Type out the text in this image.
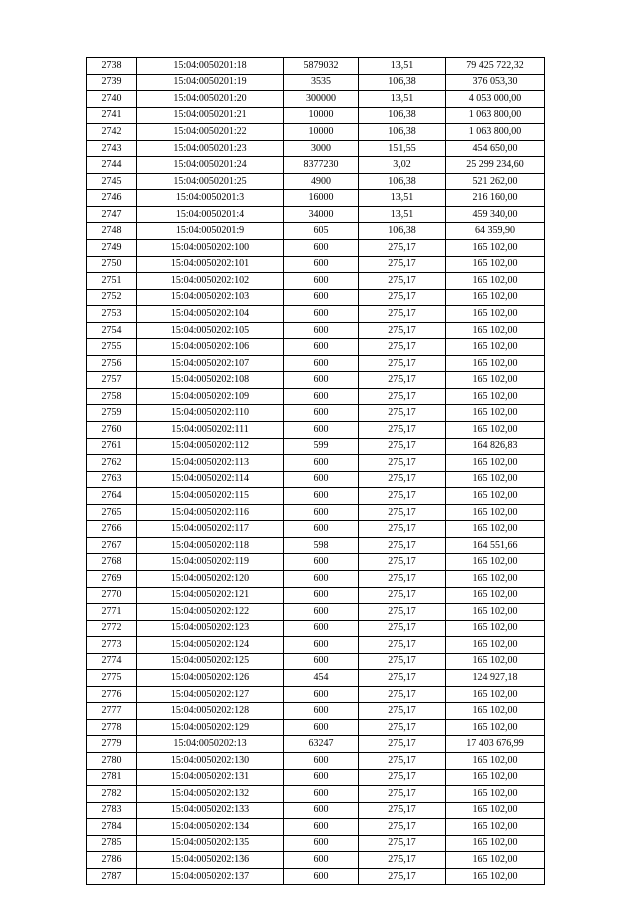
2738	15:04:0050201:18	5879032	13,51	79 425 722,32
2739	15:04:0050201:19	3535	106,38	376 053,30
2740	15:04:0050201:20	300000	13,51	4 053 000,00
2741	15:04:0050201:21	10000	106,38	1 063 800,00
2742	15:04:0050201:22	10000	106,38	1 063 800,00
2743	15:04:0050201:23	3000	151,55	454 650,00
2744	15:04:0050201:24	8377230	3,02	25 299 234,60
2745	15:04:0050201:25	4900	106,38	521 262,00
2746	15:04:0050201:3	16000	13,51	216 160,00
2747	15:04:0050201:4	34000	13,51	459 340,00
2748	15:04:0050201:9	605	106,38	64 359,90
2749	15:04:0050202:100	600	275,17	165 102,00
2750	15:04:0050202:101	600	275,17	165 102,00
2751	15:04:0050202:102	600	275,17	165 102,00
2752	15:04:0050202:103	600	275,17	165 102,00
2753	15:04:0050202:104	600	275,17	165 102,00
2754	15:04:0050202:105	600	275,17	165 102,00
2755	15:04:0050202:106	600	275,17	165 102,00
2756	15:04:0050202:107	600	275,17	165 102,00
2757	15:04:0050202:108	600	275,17	165 102,00
2758	15:04:0050202:109	600	275,17	165 102,00
2759	15:04:0050202:110	600	275,17	165 102,00
2760	15:04:0050202:111	600	275,17	165 102,00
2761	15:04:0050202:112	599	275,17	164 826,83
2762	15:04:0050202:113	600	275,17	165 102,00
2763	15:04:0050202:114	600	275,17	165 102,00
2764	15:04:0050202:115	600	275,17	165 102,00
2765	15:04:0050202:116	600	275,17	165 102,00
2766	15:04:0050202:117	600	275,17	165 102,00
2767	15:04:0050202:118	598	275,17	164 551,66
2768	15:04:0050202:119	600	275,17	165 102,00
2769	15:04:0050202:120	600	275,17	165 102,00
2770	15:04:0050202:121	600	275,17	165 102,00
2771	15:04:0050202:122	600	275,17	165 102,00
2772	15:04:0050202:123	600	275,17	165 102,00
2773	15:04:0050202:124	600	275,17	165 102,00
2774	15:04:0050202:125	600	275,17	165 102,00
2775	15:04:0050202:126	454	275,17	124 927,18
2776	15:04:0050202:127	600	275,17	165 102,00
2777	15:04:0050202:128	600	275,17	165 102,00
2778	15:04:0050202:129	600	275,17	165 102,00
2779	15:04:0050202:13	63247	275,17	17 403 676,99
2780	15:04:0050202:130	600	275,17	165 102,00
2781	15:04:0050202:131	600	275,17	165 102,00
2782	15:04:0050202:132	600	275,17	165 102,00
2783	15:04:0050202:133	600	275,17	165 102,00
2784	15:04:0050202:134	600	275,17	165 102,00
2785	15:04:0050202:135	600	275,17	165 102,00
2786	15:04:0050202:136	600	275,17	165 102,00
2787	15:04:0050202:137	600	275,17	165 102,00
